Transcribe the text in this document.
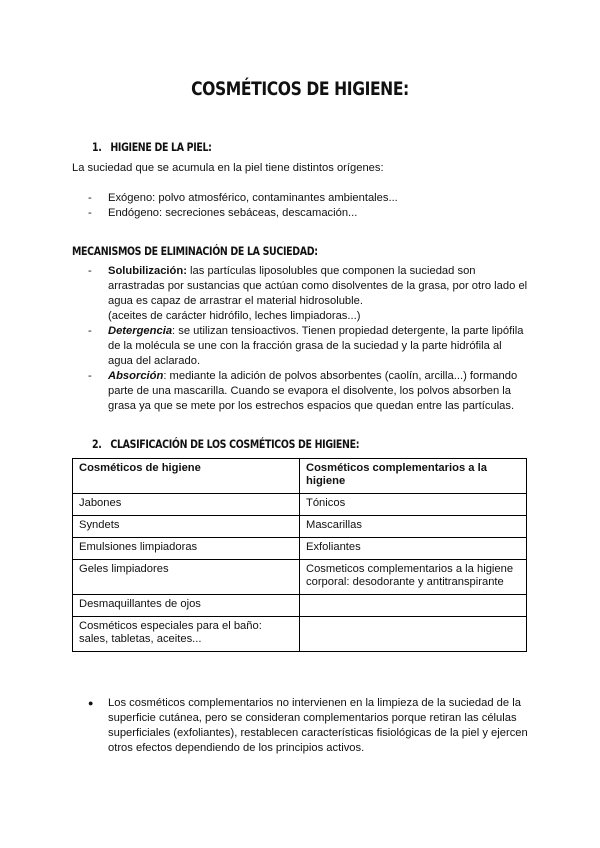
COSMÉTICOS DE HIGIENE:
1. HIGIENE DE LA PIEL:
La suciedad que se acumula en la piel tiene distintos orígenes:
- Exógeno: polvo atmosférico, contaminantes ambientales...
- Endógeno: secreciones sebáceas, descamación...
MECANISMOS DE ELIMINACIÓN DE LA SUCIEDAD:
- Solubilización: las partículas liposolubles que componen la suciedad son arrastradas por sustancias que actúan como disolventes de la grasa, por otro lado el agua es capaz de arrastrar el material hidrosoluble.
(aceites de carácter hidrófilo, leches limpiadoras...)
- Detergencia: se utilizan tensioactivos. Tienen propiedad detergente, la parte lipófila de la molécula se une con la fracción grasa de la suciedad y la parte hidrófila al agua del aclarado.
- Absorción: mediante la adición de polvos absorbentes (caolín, arcilla...) formando parte de una mascarilla. Cuando se evapora el disolvente, los polvos absorben la grasa ya que se mete por los estrechos espacios que quedan entre las partículas.
2. CLASIFICACIÓN DE LOS COSMÉTICOS DE HIGIENE:
Cosméticos de higiene	Cosméticos complementarios a la higiene
Jabones	Tónicos
Syndets	Mascarillas
Emulsiones limpiadoras	Exfoliantes
Geles limpiadores	Cosmeticos complementarios a la higiene corporal: desodorante y antitranspirante
Desmaquillantes de ojos	
Cosméticos especiales para el baño: sales, tabletas, aceites...	
●	Los cosméticos complementarios no intervienen en la limpieza de la suciedad de la superficie cutánea, pero se consideran complementarios porque retiran las células superficiales (exfoliantes), restablecen características fisiológicas de la piel y ejercen otros efectos dependiendo de los principios activos.
